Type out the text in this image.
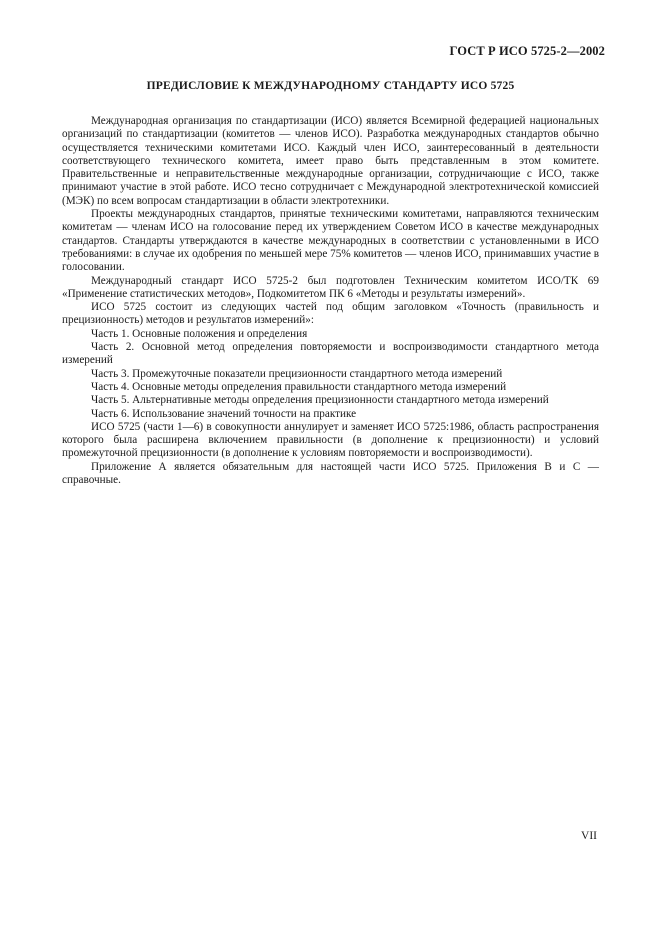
ГОСТ Р ИСО 5725-2—2002
ПРЕДИСЛОВИЕ К МЕЖДУНАРОДНОМУ СТАНДАРТУ ИСО 5725

Международная организация по стандартизации (ИСО) является Всемирной федерацией национальных организаций по стандартизации (комитетов — членов ИСО). Разработка международных стандартов обычно осуществляется техническими комитетами ИСО. Каждый член ИСО, заинтересованный в деятельности соответствующего технического комитета, имеет право быть представленным в этом комитете. Правительственные и неправительственные международные организации, сотрудничающие с ИСО, также принимают участие в этой работе. ИСО тесно сотрудничает с Международной электротехнической комиссией (МЭК) по всем вопросам стандартизации в области электротехники.

Проекты международных стандартов, принятые техническими комитетами, направляются техническим комитетам — членам ИСО на голосование перед их утверждением Советом ИСО в качестве международных стандартов. Стандарты утверждаются в качестве международных в соответствии с установленными в ИСО требованиями: в случае их одобрения по меньшей мере 75% комитетов — членов ИСО, принимавших участие в голосовании.

Международный стандарт ИСО 5725-2 был подготовлен Техническим комитетом ИСО/ТК 69 «Применение статистических методов», Подкомитетом ПК 6 «Методы и результаты измерений».

ИСО 5725 состоит из следующих частей под общим заголовком «Точность (правильность и прецизионность) методов и результатов измерений»:

Часть 1. Основные положения и определения

Часть 2. Основной метод определения повторяемости и воспроизводимости стандартного метода измерений

Часть 3. Промежуточные показатели прецизионности стандартного метода измерений

Часть 4. Основные методы определения правильности стандартного метода измерений

Часть 5. Альтернативные методы определения прецизионности стандартного метода измерений

Часть 6. Использование значений точности на практике

ИСО 5725 (части 1—6) в совокупности аннулирует и заменяет ИСО 5725:1986, область распространения которого была расширена включением правильности (в дополнение к прецизионности) и условий промежуточной прецизионности (в дополнение к условиям повторяемости и воспроизводимости).

Приложение А является обязательным для настоящей части ИСО 5725. Приложения В и С — справочные.

VII
